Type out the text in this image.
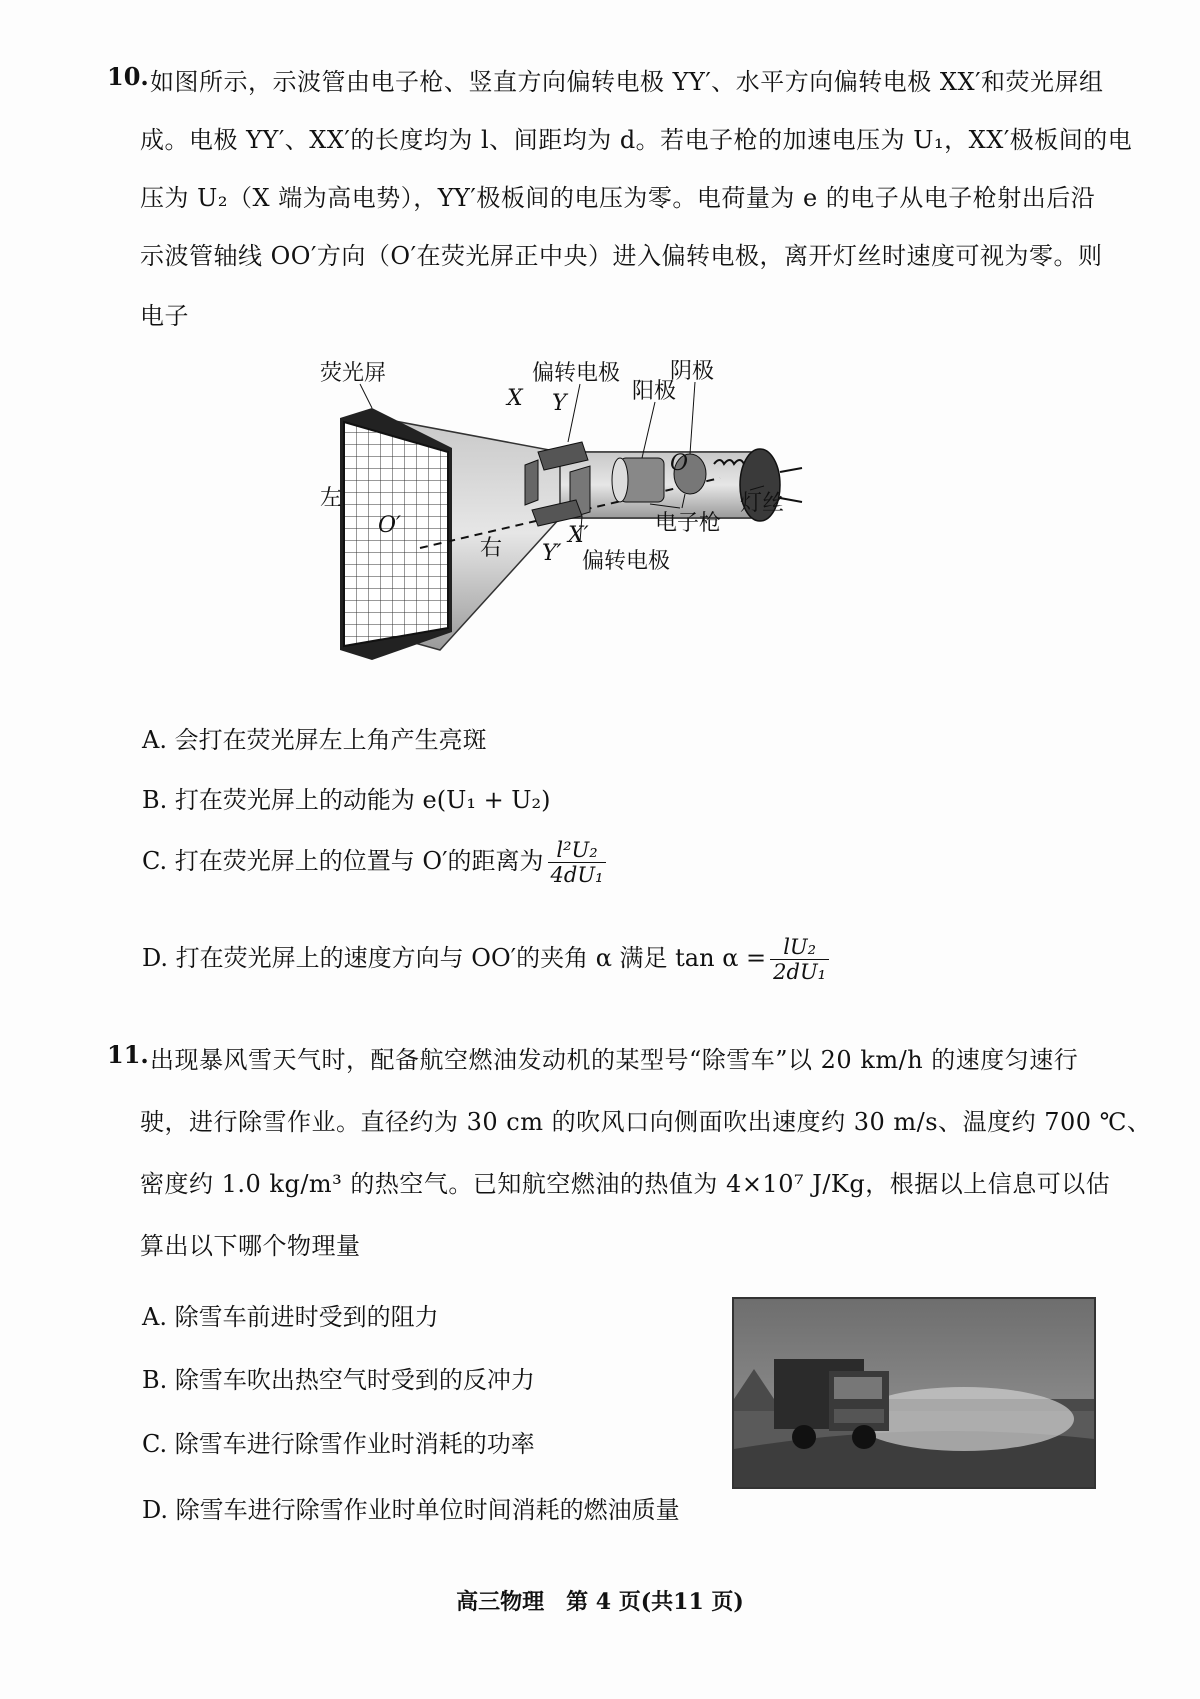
10. 如图所示，示波管由电子枪、竖直方向偏转电极 YY′、水平方向偏转电极 XX′和荧光屏组
成。电极 YY′、XX′的长度均为 l、间距均为 d。若电子枪的加速电压为 U₁，XX′极板间的电
压为 U₂（X 端为高电势），YY′极板间的电压为零。电荷量为 e 的电子从电子枪射出后沿
示波管轴线 OO′方向（O′在荧光屏正中央）进入偏转电极，离开灯丝时速度可视为零。则
电子
荧光屏	偏转电极
阳极
阴极
灯丝
电子枪
偏转电极
左
右
X Y
X′
Y′
O
O′
A. 会打在荧光屏左上角产生亮斑
B. 打在荧光屏上的动能为 e(U₁ + U₂)
C. 打在荧光屏上的位置与 O′的距离为 $\frac{\text{l²U₂}}{\text{4dU₁}}$
D. 打在荧光屏上的速度方向与 OO′的夹角 α 满足 $\tan \alpha = \frac{\text{lU₂}}{\text{2dU₁}}$
11. 出现暴风雪天气时，配备航空燃油发动机的某型号“除雪车”以 20 km/h 的速度匀速行
驶，进行除雪作业。直径约为 30 cm 的吹风口向侧面吹出速度约 30 m/s、温度约 700 ℃、
密度约 1.0 kg/m³ 的热空气。已知航空燃油的热值为 4×10⁷ J/Kg，根据以上信息可以估
算出以下哪个物理量
A. 除雪车前进时受到的阻力
B. 除雪车吹出热空气时受到的反冲力
C. 除雪车进行除雪作业时消耗的功率
D. 除雪车进行除雪作业时单位时间消耗的燃油质量
高三物理　第 4 页(共11 页)
